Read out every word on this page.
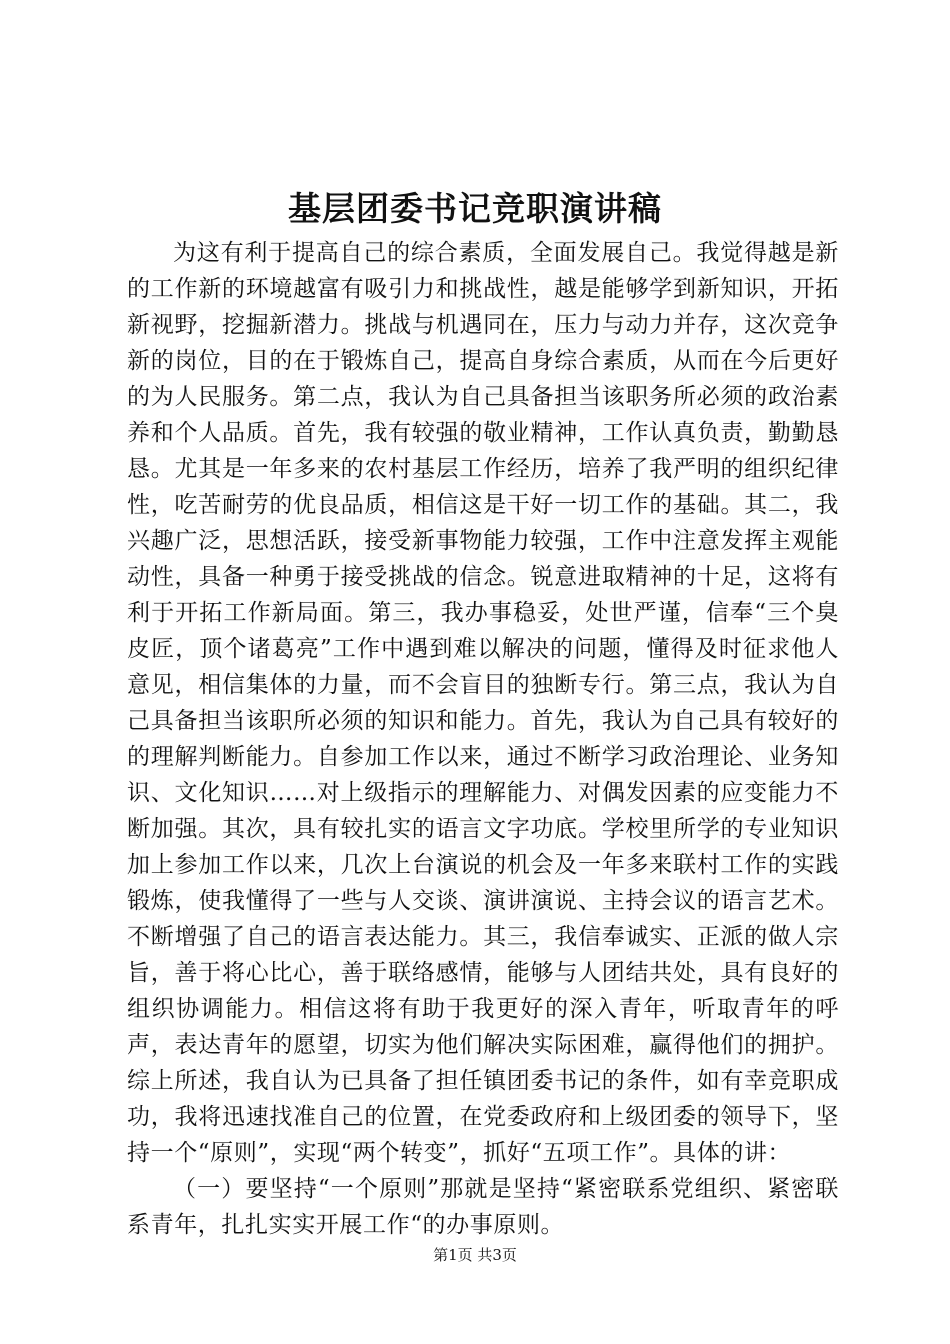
基层团委书记竞职演讲稿

为这有利于提高自己的综合素质，全面发展自己。我觉得越是新的工作新的环境越富有吸引力和挑战性，越是能够学到新知识，开拓新视野，挖掘新潜力。挑战与机遇同在，压力与动力并存，这次竞争新的岗位，目的在于锻炼自己，提高自身综合素质，从而在今后更好的为人民服务。第二点，我认为自己具备担当该职务所必须的政治素养和个人品质。首先，我有较强的敬业精神，工作认真负责，勤勤恳恳。尤其是一年多来的农村基层工作经历，培养了我严明的组织纪律性，吃苦耐劳的优良品质，相信这是干好一切工作的基础。其二，我兴趣广泛，思想活跃，接受新事物能力较强，工作中注意发挥主观能动性，具备一种勇于接受挑战的信念。锐意进取精神的十足，这将有利于开拓工作新局面。第三，我办事稳妥，处世严谨，信奉“三个臭皮匠，顶个诸葛亮”工作中遇到难以解决的问题，懂得及时征求他人意见，相信集体的力量，而不会盲目的独断专行。第三点，我认为自己具备担当该职所必须的知识和能力。首先，我认为自己具有较好的的理解判断能力。自参加工作以来，通过不断学习政治理论、业务知识、文化知识……对上级指示的理解能力、对偶发因素的应变能力不断加强。其次，具有较扎实的语言文字功底。学校里所学的专业知识加上参加工作以来，几次上台演说的机会及一年多来联村工作的实践锻炼，使我懂得了一些与人交谈、演讲演说、主持会议的语言艺术。不断增强了自己的语言表达能力。其三，我信奉诚实、正派的做人宗旨，善于将心比心，善于联络感情，能够与人团结共处，具有良好的组织协调能力。相信这将有助于我更好的深入青年，听取青年的呼声，表达青年的愿望，切实为他们解决实际困难，赢得他们的拥护。综上所述，我自认为已具备了担任镇团委书记的条件，如有幸竞职成功，我将迅速找准自己的位置，在党委政府和上级团委的领导下，坚持一个“原则”，实现“两个转变”，抓好“五项工作”。具体的讲：

（一）要坚持“一个原则”那就是坚持“紧密联系党组织、紧密联系青年，扎扎实实开展工作“的办事原则。

第1页 共3页
